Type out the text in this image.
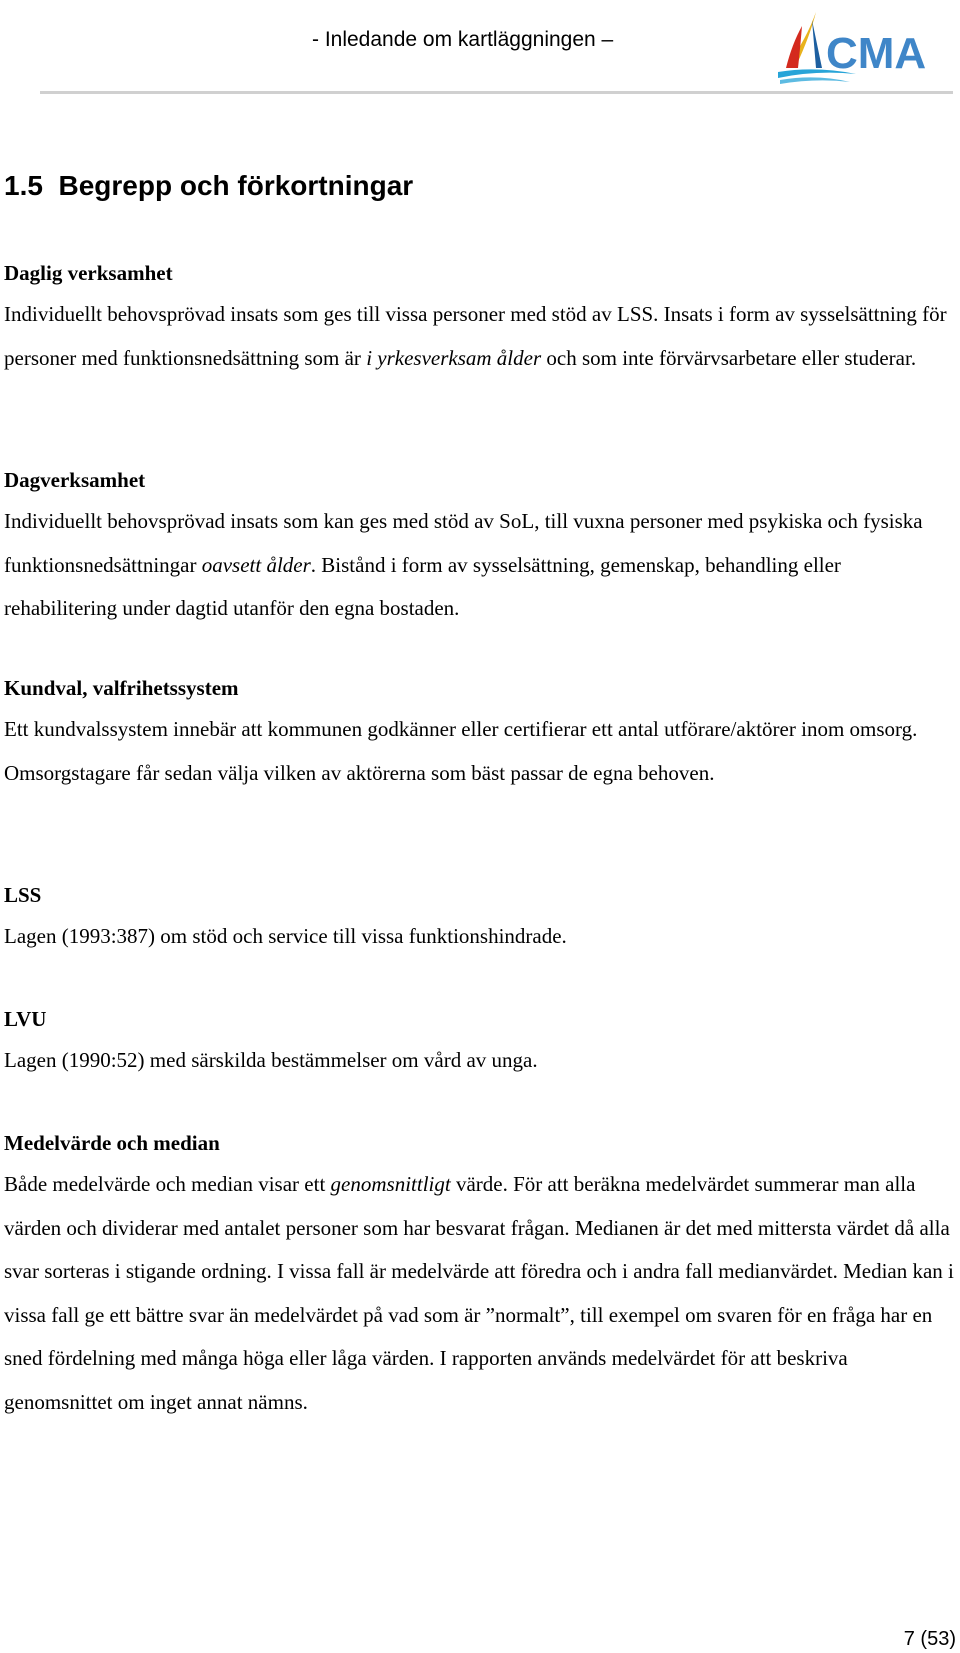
- Inledande om kartläggningen –	CMA
1.5 Begrepp och förkortningar
Daglig verksamhet

Individuellt behovsprövad insats som ges till vissa personer med stöd av LSS. Insats i form av sysselsättning för personer med funktionsnedsättning som är i yrkesverksam ålder och som inte förvärvsarbetare eller studerar.

Dagverksamhet

Individuellt behovsprövad insats som kan ges med stöd av SoL, till vuxna personer med psykiska och fysiska funktionsnedsättningar oavsett ålder. Bistånd i form av sysselsättning, gemenskap, behandling eller rehabilitering under dagtid utanför den egna bostaden.

Kundval, valfrihetssystem

Ett kundvalssystem innebär att kommunen godkänner eller certifierar ett antal utförare/aktörer inom omsorg. Omsorgstagare får sedan välja vilken av aktörerna som bäst passar de egna behoven.

LSS

Lagen (1993:387) om stöd och service till vissa funktionshindrade.

LVU

Lagen (1990:52) med särskilda bestämmelser om vård av unga.

Medelvärde och median

Både medelvärde och median visar ett genomsnittligt värde. För att beräkna medelvärdet summerar man alla värden och dividerar med antalet personer som har besvarat frågan. Medianen är det med mittersta värdet då alla svar sorteras i stigande ordning. I vissa fall är medelvärde att föredra och i andra fall medianvärdet. Median kan i vissa fall ge ett bättre svar än medelvärdet på vad som är ”normalt”, till exempel om svaren för en fråga har en sned fördelning med många höga eller låga värden. I rapporten används medelvärdet för att beskriva genomsnittet om inget annat nämns.

7 (53)
